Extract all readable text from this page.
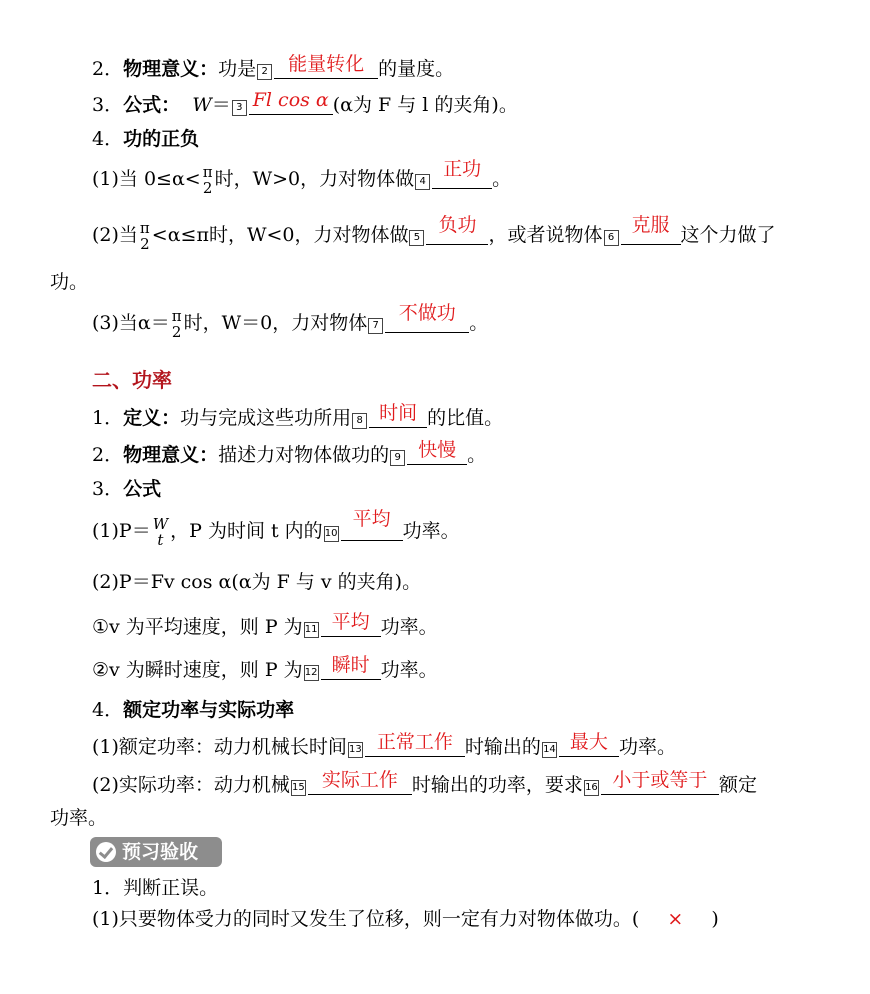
2．物理意义：功是 2	能量转化 的量度。
3．公式： W＝ 3 Fl cos α (α为 F 与 l 的夹角)。
4．功的正负
(1)当 0≤α< π
2 时，W>0，力对物体做 4
正功 。
(2)当 π
2 <α≤π时，W<0，力对物体做 5
负功 ，或者说物体 6
克服 这个力做了
功。
(3)当α＝ π
2 时，W＝0，力对物体 7
不做功 。
二、功率
1．定义：功与完成这些功所用 8 时间 的比值。
2．物理意义：描述力对物体做功的 9 快慢 。
3．公式
(1)P＝ W
t ，P 为时间 t 内的 10
平均
功率。
(2)P＝Fv cos α(α为 F 与 v 的夹角)。
①v 为平均速度，则 P 为 11 平均 功率。
②v 为瞬时速度，则 P 为 12 瞬时 功率。
4．额定功率与实际功率
(1)额定功率：动力机械长时间 13 正常工作 时输出的 14 最大 功率。
(2)实际功率：动力机械 15 实际工作 时输出的功率，要求 16 小于或等于 额定
功率。
预习验收
1．判断正误。
(1)只要物体受力的同时又发生了位移，则一定有力对物体做功。( × )
